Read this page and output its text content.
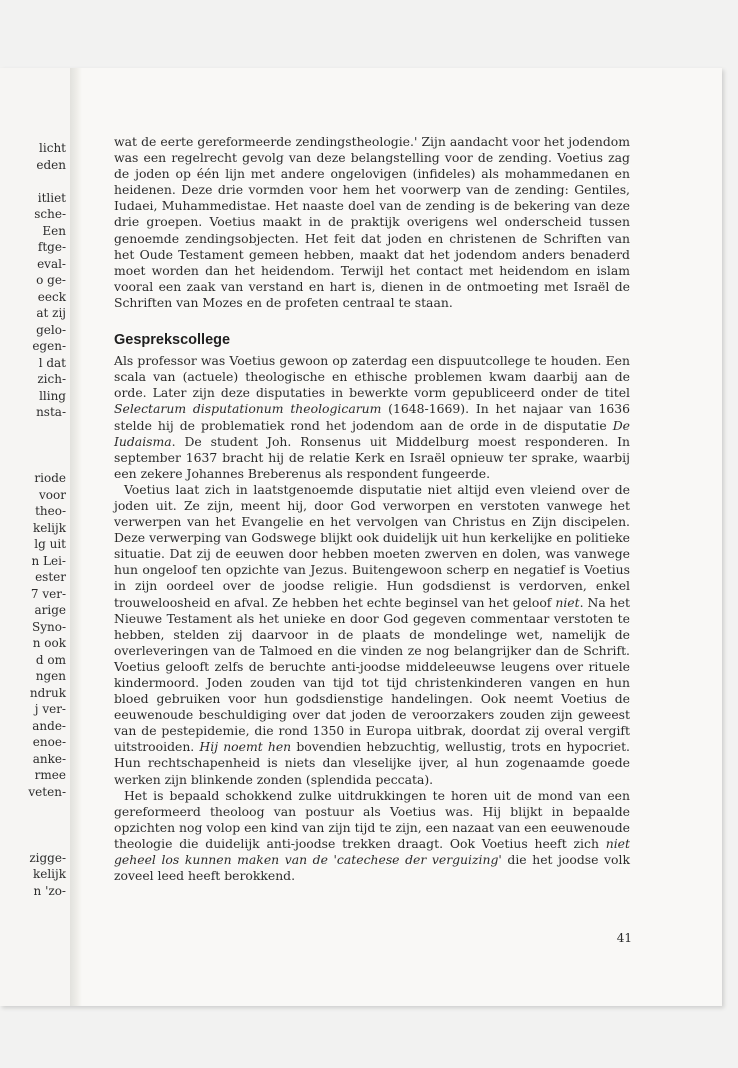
licht
eden

itliet
sche-
Een
ftge-
eval-
o ge-
eeck
at zij
gelo-
egen-
l dat
zich-
lling
nsta-

riode
voor
theo-
kelijk
lg uit
n Lei-
ester
7 ver-
arige
Syno-
n ook
d om
ngen
ndruk
j ver-
ande-
enoe-
anke-
rmee
veten-

zigge-
kelijk
n 'zo-

wat de eerte gereformeerde zendingstheologie.' Zijn aandacht voor het jodendom was een regelrecht gevolg van deze belangstelling voor de zending. Voetius zag de joden op één lijn met andere ongelovigen (infideles) als mohammedanen en heidenen. Deze drie vormden voor hem het voorwerp van de zending: Gentiles, Iudaei, Muhammedistae. Het naaste doel van de zending is de bekering van deze drie groepen. Voetius maakt in de praktijk overigens wel onderscheid tussen genoemde zendingsobjecten. Het feit dat joden en christenen de Schriften van het Oude Testament gemeen hebben, maakt dat het jodendom anders benaderd moet worden dan het heidendom. Terwijl het contact met heidendom en islam vooral een zaak van verstand en hart is, dienen in de ontmoeting met Israël de Schriften van Mozes en de profeten centraal te staan.

Gesprekscollege

Als professor was Voetius gewoon op zaterdag een dispuutcollege te houden. Een scala van (actuele) theologische en ethische problemen kwam daarbij aan de orde. Later zijn deze disputaties in bewerkte vorm gepubliceerd onder de titel Selectarum disputationum theologicarum (1648-1669). In het najaar van 1636 stelde hij de problematiek rond het jodendom aan de orde in de disputatie De Iudaisma. De student Joh. Ronsenus uit Middelburg moest responderen. In september 1637 bracht hij de relatie Kerk en Israël opnieuw ter sprake, waarbij een zekere Johannes Breberenus als respondent fungeerde.

Voetius laat zich in laatstgenoemde disputatie niet altijd even vleiend over de joden uit. Ze zijn, meent hij, door God verworpen en verstoten vanwege het verwerpen van het Evangelie en het vervolgen van Christus en Zijn discipelen. Deze verwerping van Godswege blijkt ook duidelijk uit hun kerkelijke en politieke situatie. Dat zij de eeuwen door hebben moeten zwerven en dolen, was vanwege hun ongeloof ten opzichte van Jezus. Buitengewoon scherp en negatief is Voetius in zijn oordeel over de joodse religie. Hun godsdienst is verdorven, enkel trouweloosheid en afval. Ze hebben het echte beginsel van het geloof niet. Na het Nieuwe Testament als het unieke en door God gegeven commentaar verstoten te hebben, stelden zij daarvoor in de plaats de mondelinge wet, namelijk de overleveringen van de Talmoed en die vinden ze nog belangrijker dan de Schrift. Voetius gelooft zelfs de beruchte anti-joodse middeleeuwse leugens over rituele kindermoord. Joden zouden van tijd tot tijd christenkinderen vangen en hun bloed gebruiken voor hun godsdienstige handelingen. Ook neemt Voetius de eeuwenoude beschuldiging over dat joden de veroorzakers zouden zijn geweest van de pestepidemie, die rond 1350 in Europa uitbrak, doordat zij overal vergift uitstrooiden. Hij noemt hen bovendien hebzuchtig, wellustig, trots en hypocriet. Hun rechtschapenheid is niets dan vleselijke ijver, al hun zogenaamde goede werken zijn blinkende zonden (splendida peccata).

Het is bepaald schokkend zulke uitdrukkingen te horen uit de mond van een gereformeerd theoloog van postuur als Voetius was. Hij blijkt in bepaalde opzichten nog volop een kind van zijn tijd te zijn, een nazaat van een eeuwenoude theologie die duidelijk anti-joodse trekken draagt. Ook Voetius heeft zich niet geheel los kunnen maken van de 'catechese der verguizing' die het joodse volk zoveel leed heeft berokkend.

41
